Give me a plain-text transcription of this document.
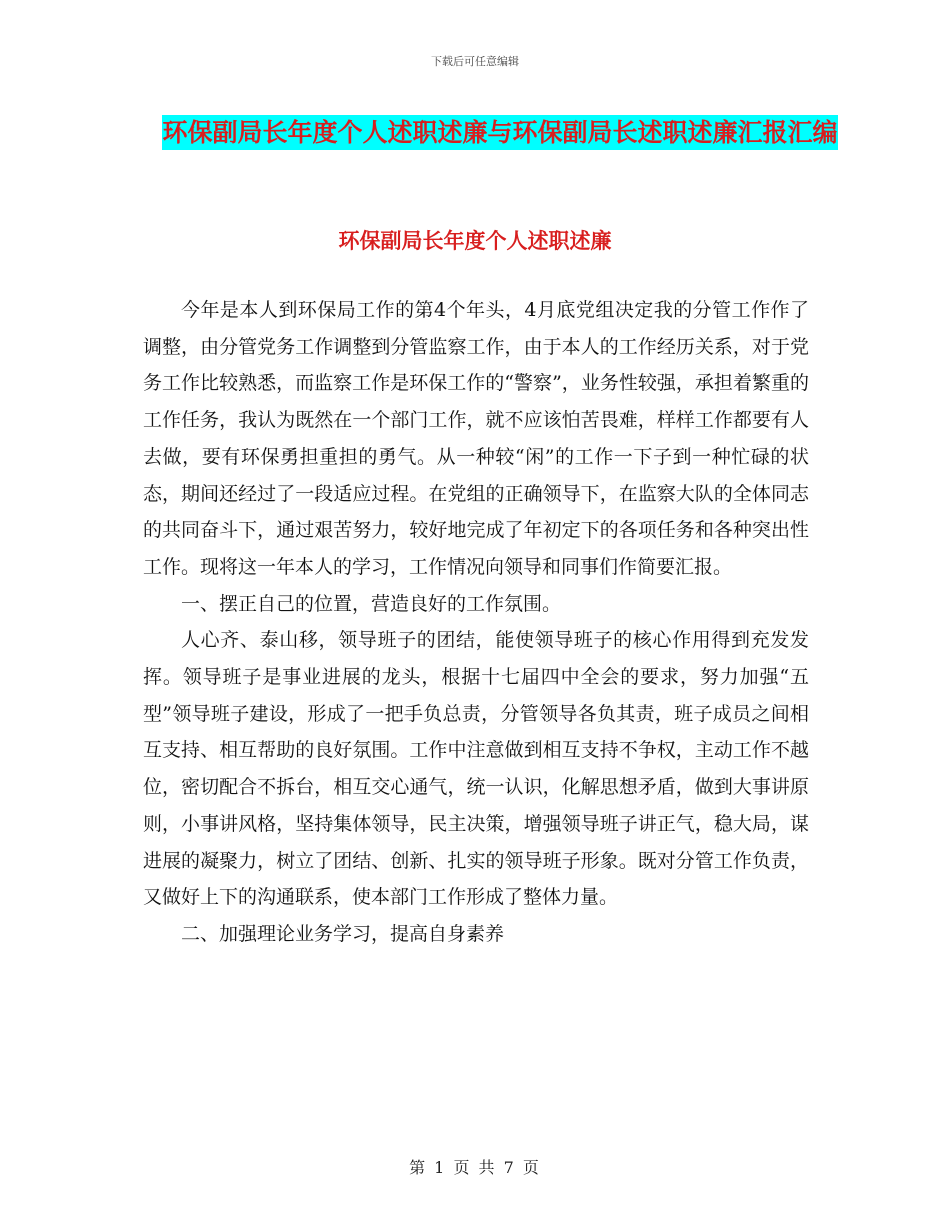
下载后可任意编辑
环保副局长年度个人述职述廉与环保副局长述职述廉汇报汇编
环保副局长年度个人述职述廉

今年是本人到环保局工作的第4个年头，4月底党组决定我的分管工作作了调整，由分管党务工作调整到分管监察工作，由于本人的工作经历关系，对于党务工作比较熟悉，而监察工作是环保工作的“警察”，业务性较强，承担着繁重的工作任务，我认为既然在一个部门工作，就不应该怕苦畏难，样样工作都要有人去做，要有环保勇担重担的勇气。从一种较“闲”的工作一下子到一种忙碌的状态，期间还经过了一段适应过程。在党组的正确领导下，在监察大队的全体同志的共同奋斗下，通过艰苦努力，较好地完成了年初定下的各项任务和各种突出性工作。现将这一年本人的学习，工作情况向领导和同事们作简要汇报。

一、摆正自己的位置，营造良好的工作氛围。

人心齐、泰山移，领导班子的团结，能使领导班子的核心作用得到充发发挥。领导班子是事业进展的龙头，根据十七届四中全会的要求，努力加强“五型”领导班子建设，形成了一把手负总责，分管领导各负其责，班子成员之间相互支持、相互帮助的良好氛围。工作中注意做到相互支持不争权，主动工作不越位，密切配合不拆台，相互交心通气，统一认识，化解思想矛盾，做到大事讲原则，小事讲风格，坚持集体领导，民主决策，增强领导班子讲正气，稳大局，谋进展的凝聚力，树立了团结、创新、扎实的领导班子形象。既对分管工作负责，又做好上下的沟通联系，使本部门工作形成了整体力量。

二、加强理论业务学习，提高自身素养

第 1 页 共 7 页
